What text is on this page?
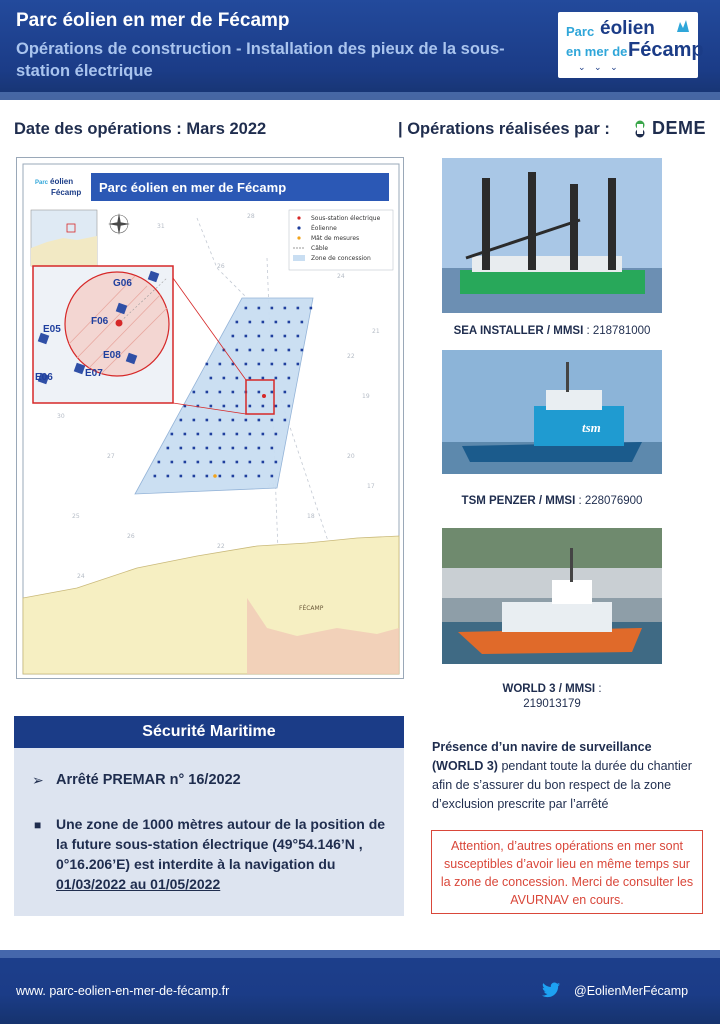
Parc éolien en mer de Fécamp
Opérations de construction - Installation des pieux de la sous-station électrique
Parc éolien
en mer de Fécamp
⌄ ⌄ ⌄
Date des opérations : Mars 2022	| Opérations réalisées par : DEME
31
28
26
24
21
22
19
30
27
25
26
20
18
22
24
17
FÉCAMP
Parc éolien
Fécamp Parc éolien en mer de Fécamp
Sous-station électrique
Éolienne
Mât de mesures
Câble
Zone de concession
G06
F06
E08
E07
E05
E06
SEA INSTALLER / MMSI : 218781000
tsm
TSM PENZER / MMSI : 228076900
WORLD 3 / MMSI :
219013179
Sécurité Maritime
➢ Arrêté PREMAR n° 16/2022
■ Une zone de 1000 mètres autour de la position de la future sous-station électrique (49°54.146’N , 0°16.206’E) est interdite à la navigation du 01/03/2022 au 01/05/2022
Présence d’un navire de surveillance (WORLD 3) pendant toute la durée du chantier afin de s’assurer du bon respect de la zone d’exclusion prescrite par l’arrêté
Attention, d’autres opérations en mer sont susceptibles d’avoir lieu en même temps sur la zone de concession. Merci de consulter les AVURNAV en cours.
www. parc-eolien-en-mer-de-fécamp.fr	@EolienMerFécamp
